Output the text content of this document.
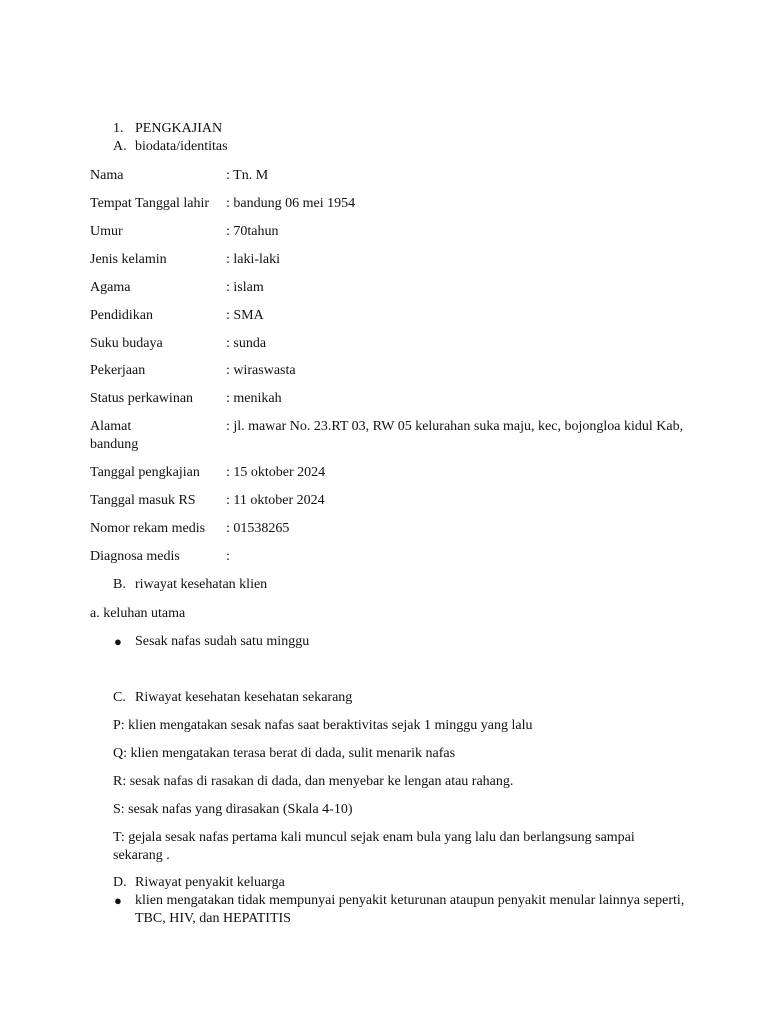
1. PENGKAJIAN
A. biodata/identitas
Nama	: Tn. M
Tempat Tanggal lahir : bandung 06 mei 1954
Umur	: 70tahun
Jenis kelamin	: laki-laki
Agama	: islam
Pendidikan	: SMA
Suku budaya	: sunda
Pekerjaan	: wiraswasta
Status perkawinan : menikah
Alamat	: jl. mawar No. 23.RT 03, RW 05 kelurahan suka maju, kec, bojongloa kidul Kab,
bandung
Tanggal pengkajian : 15 oktober 2024
Tanggal masuk RS : 11 oktober 2024
Nomor rekam medis : 01538265
Diagnosa medis	:
B. riwayat kesehatan klien
a. keluhan utama
● Sesak nafas sudah satu minggu
C. Riwayat kesehatan kesehatan sekarang
P: klien mengatakan sesak nafas saat beraktivitas sejak 1 minggu yang lalu
Q: klien mengatakan terasa berat di dada, sulit menarik nafas
R: sesak nafas di rasakan di dada, dan menyebar ke lengan atau rahang.
S: sesak nafas yang dirasakan (Skala 4-10)
T: gejala sesak nafas pertama kali muncul sejak enam bula yang lalu dan berlangsung sampai
sekarang .
D. Riwayat penyakit keluarga
● klien mengatakan tidak mempunyai penyakit keturunan ataupun penyakit menular lainnya seperti,
TBC, HIV, dan HEPATITIS
